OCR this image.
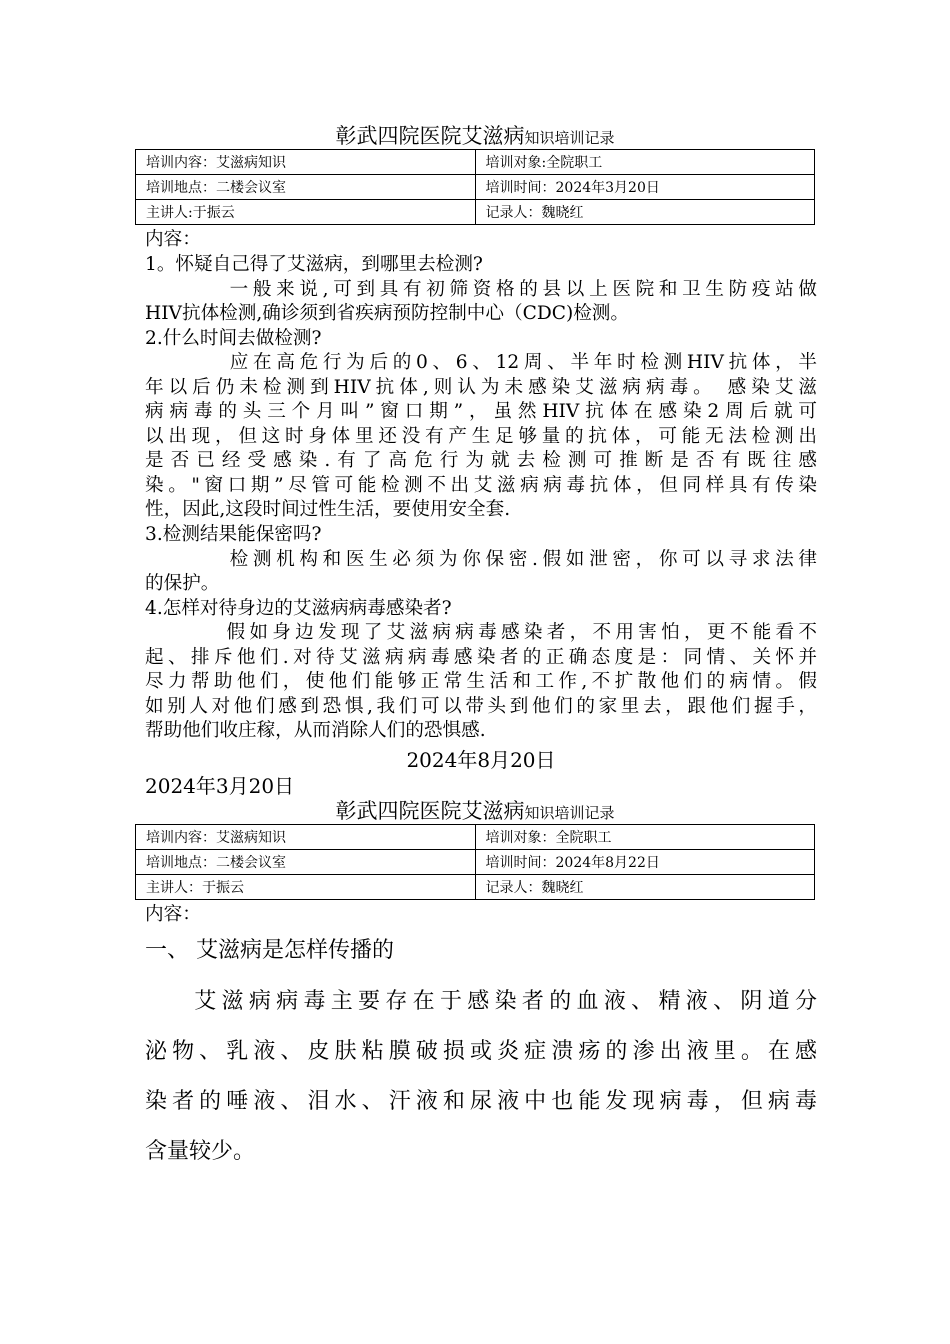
彰武四院医院艾滋病知识培训记录
培训内容：艾滋病知识	培训对象:全院职工
培训地点：二楼会议室	培训时间：2024年3月20日
主讲人:于振云	记录人：魏晓红
内容：
1。怀疑自己得了艾滋病，到哪里去检测?
一般来说,可到具有初筛资格的县以上医院和卫生防疫站做
HIV抗体检测,确诊须到省疾病预防控制中心（CDC)检测。
2.什么时间去做检测?
应在高危行为后的0、6、12周、半年时检测HIV抗体，半
年以后仍未检测到HIV抗体,则认为未感染艾滋病病毒。 感染艾滋
病病毒的头三个月叫”窗口期”，虽然HIV抗体在感染2周后就可
以出现，但这时身体里还没有产生足够量的抗体，可能无法检测出
是否已经受感染.有了高危行为就去检测可推断是否有既往感
染。"窗口期”尽管可能检测不出艾滋病病毒抗体，但同样具有传染
性，因此,这段时间过性生活，要使用安全套.
3.检测结果能保密吗?
检测机构和医生必须为你保密.假如泄密，你可以寻求法律
的保护。
4.怎样对待身边的艾滋病病毒感染者?
假如身边发现了艾滋病病毒感染者，不用害怕，更不能看不
起、排斥他们.对待艾滋病病毒感染者的正确态度是：同情、关怀并
尽力帮助他们，使他们能够正常生活和工作,不扩散他们的病情。假
如别人对他们感到恐惧,我们可以带头到他们的家里去，跟他们握手，
帮助他们收庄稼，从而消除人们的恐惧感.
2024年8月20日
2024年3月20日
彰武四院医院艾滋病知识培训记录
培训内容：艾滋病知识	培训对象：全院职工
培训地点：二楼会议室	培训时间：2024年8月22日
主讲人：于振云	记录人：魏晓红
内容：
一、 艾滋病是怎样传播的
艾滋病病毒主要存在于感染者的血液、精液、阴道分
泌物、乳液、皮肤粘膜破损或炎症溃疡的渗出液里。在感
染者的唾液、泪水、汗液和尿液中也能发现病毒，但病毒
含量较少。
